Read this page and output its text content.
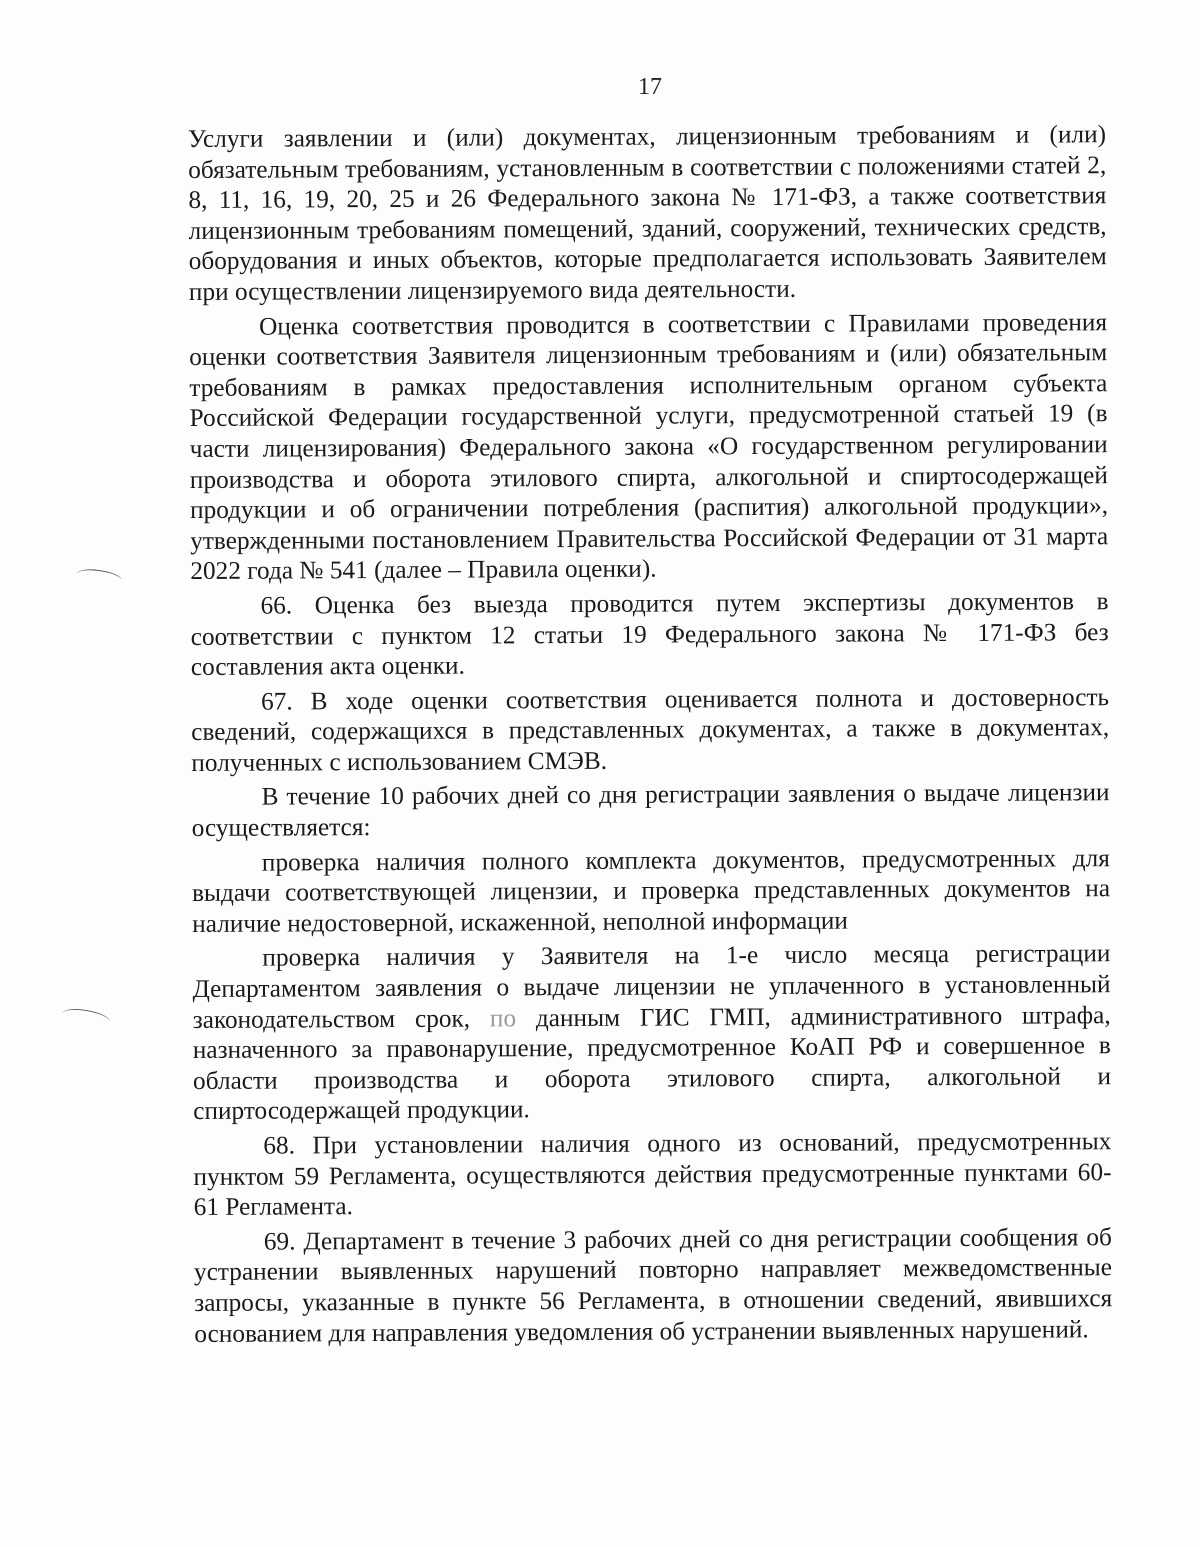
17

Услуги заявлении и (или) документах, лицензионным требованиям и (или) обязательным требованиям, установленным в соответствии с положениями статей 2, 8, 11, 16, 19, 20, 25 и 26 Федерального закона № 171-ФЗ, а также соответствия лицензионным требованиям помещений, зданий, сооружений, технических средств, оборудования и иных объектов, которые предполагается использовать Заявителем при осуществлении лицензируемого вида деятельности.

Оценка соответствия проводится в соответствии с Правилами проведения оценки соответствия Заявителя лицензионным требованиям и (или) обязательным требованиям в рамках предоставления исполнительным органом субъекта Российской Федерации государственной услуги, предусмотренной статьей 19 (в части лицензирования) Федерального закона «О государственном регулировании производства и оборота этилового спирта, алкогольной и спиртосодержащей продукции и об ограничении потребления (распития) алкогольной продукции», утвержденными постановлением Правительства Российской Федерации от 31 марта 2022 года № 541 (далее – Правила оценки).

66. Оценка без выезда проводится путем экспертизы документов в соответствии с пунктом 12 статьи 19 Федерального закона № 171-ФЗ без составления акта оценки.

67. В ходе оценки соответствия оценивается полнота и достоверность сведений, содержащихся в представленных документах, а также в документах, полученных с использованием СМЭВ.

В течение 10 рабочих дней со дня регистрации заявления о выдаче лицензии осуществляется:

проверка наличия полного комплекта документов, предусмотренных для выдачи соответствующей лицензии, и проверка представленных документов на наличие недостоверной, искаженной, неполной информации

проверка наличия у Заявителя на 1-е число месяца регистрации Департаментом заявления о выдаче лицензии не уплаченного в установленный законодательством срок, по данным ГИС ГМП, административного штрафа, назначенного за правонарушение, предусмотренное КоАП РФ и совершенное в области производства и оборота этилового спирта, алкогольной и спиртосодержащей продукции.

68. При установлении наличия одного из оснований, предусмотренных пунктом 59 Регламента, осуществляются действия предусмотренные пунктами 60-61 Регламента.

69. Департамент в течение 3 рабочих дней со дня регистрации сообщения об устранении выявленных нарушений повторно направляет межведомственные запросы, указанные в пункте 56 Регламента, в отношении сведений, явившихся основанием для направления уведомления об устранении выявленных нарушений.
